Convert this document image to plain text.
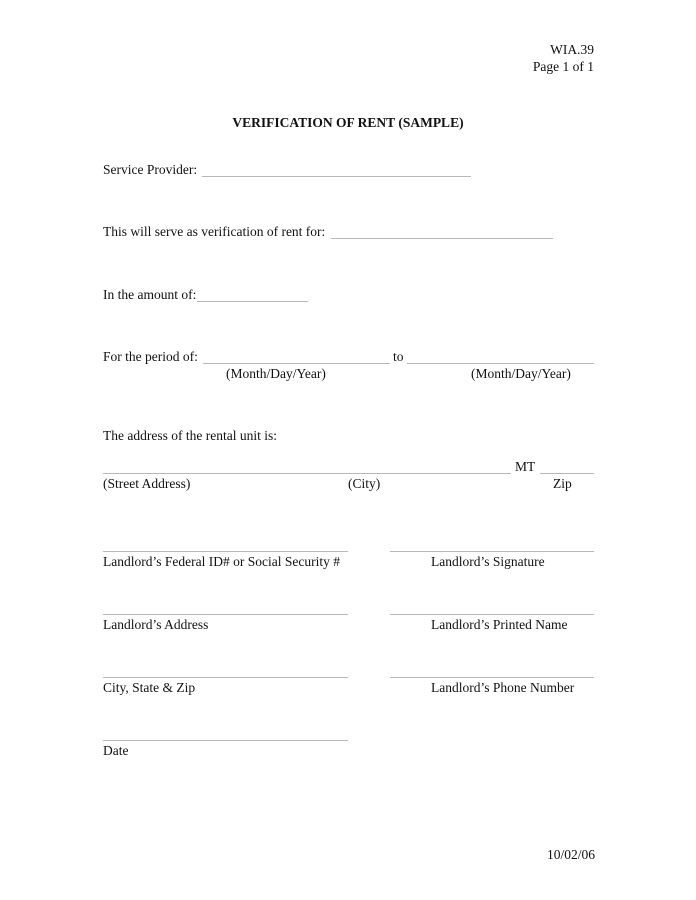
WIA.39
Page 1 of 1
VERIFICATION OF RENT (SAMPLE)
Service Provider:
This will serve as verification of rent for:
In the amount of:
For the period of:	to
(Month/Day/Year)	(Month/Day/Year)
The address of the rental unit is:
MT
(Street Address)	(City)	Zip
Landlord’s Federal ID# or Social Security #	Landlord’s Signature
Landlord’s Address	Landlord’s Printed Name
City, State & Zip	Landlord’s Phone Number
Date
10/02/06
